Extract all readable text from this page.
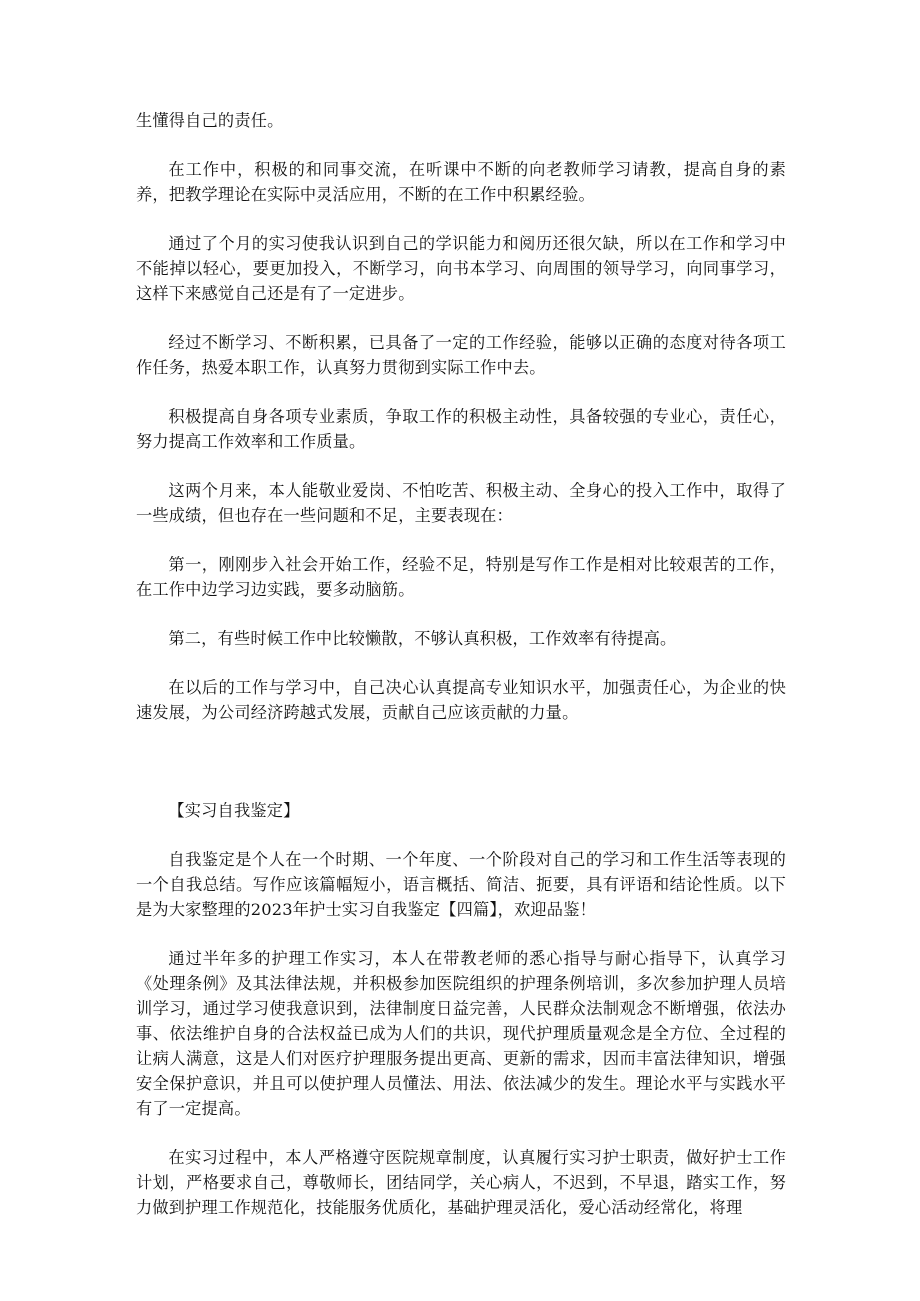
生懂得自己的责任。

在工作中，积极的和同事交流，在听课中不断的向老教师学习请教，提高自身的素养，把教学理论在实际中灵活应用，不断的在工作中积累经验。

通过了个月的实习使我认识到自己的学识能力和阅历还很欠缺，所以在工作和学习中不能掉以轻心，要更加投入，不断学习，向书本学习、向周围的领导学习，向同事学习，这样下来感觉自己还是有了一定进步。

经过不断学习、不断积累，已具备了一定的工作经验，能够以正确的态度对待各项工作任务，热爱本职工作，认真努力贯彻到实际工作中去。

积极提高自身各项专业素质，争取工作的积极主动性，具备较强的专业心，责任心，努力提高工作效率和工作质量。

这两个月来，本人能敬业爱岗、不怕吃苦、积极主动、全身心的投入工作中，取得了一些成绩，但也存在一些问题和不足，主要表现在：

第一，刚刚步入社会开始工作，经验不足，特别是写作工作是相对比较艰苦的工作，在工作中边学习边实践，要多动脑筋。

第二，有些时候工作中比较懒散，不够认真积极，工作效率有待提高。

在以后的工作与学习中，自己决心认真提高专业知识水平，加强责任心，为企业的快速发展，为公司经济跨越式发展，贡献自己应该贡献的力量。

【实习自我鉴定】

自我鉴定是个人在一个时期、一个年度、一个阶段对自己的学习和工作生活等表现的一个自我总结。写作应该篇幅短小，语言概括、简洁、扼要，具有评语和结论性质。以下是为大家整理的2023年护士实习自我鉴定【四篇】，欢迎品鉴！

通过半年多的护理工作实习，本人在带教老师的悉心指导与耐心指导下，认真学习《处理条例》及其法律法规，并积极参加医院组织的护理条例培训，多次参加护理人员培训学习，通过学习使我意识到，法律制度日益完善，人民群众法制观念不断增强，依法办事、依法维护自身的合法权益已成为人们的共识，现代护理质量观念是全方位、全过程的让病人满意，这是人们对医疗护理服务提出更高、更新的需求，因而丰富法律知识，增强安全保护意识，并且可以使护理人员懂法、用法、依法减少的发生。理论水平与实践水平有了一定提高。

在实习过程中，本人严格遵守医院规章制度，认真履行实习护士职责，做好护士工作计划，严格要求自己，尊敬师长，团结同学，关心病人，不迟到，不早退，踏实工作，努力做到护理工作规范化，技能服务优质化，基础护理灵活化，爱心活动经常化，将理
